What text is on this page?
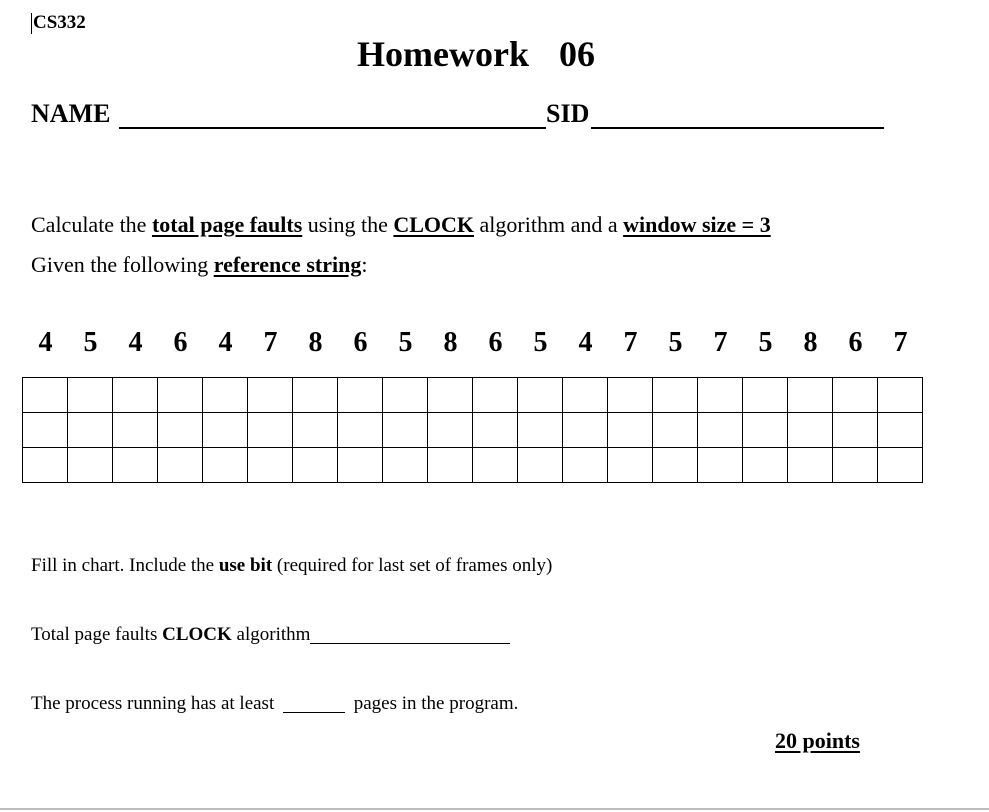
CS332
Homework 06
NAME	SID
Calculate the total page faults using the CLOCK algorithm and a window size = 3
Given the following reference string:
4	5	4	6	4	7	8	6	5	8	6	5	4	7	5	7	5	8	6	7

Fill in chart. Include the use bit (required for last set of frames only)
Total page faults CLOCK algorithm
The process running has at least	pages in the program.
20 points
